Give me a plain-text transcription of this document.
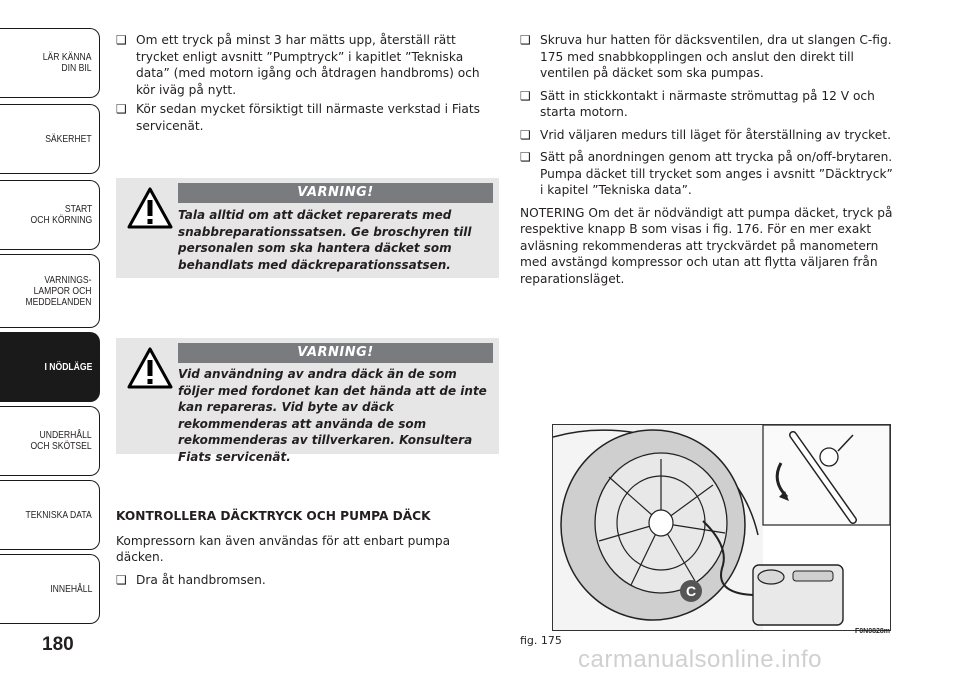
LÄR KÄNNA
DIN BIL
SÄKERHET
START
OCH KÖRNING
VARNINGS-
LAMPOR OCH
MEDDELANDEN
I NÖDLÄGE
UNDERHÅLL
OCH SKÖTSEL
TEKNISKA DATA
INNEHÅLL
180
❑ Om ett tryck på minst 3 har mätts upp, återställ rätt trycket enligt avsnitt ”Pumptryck” i kapitlet ”Tekniska data” (med motorn igång och åtdragen handbroms) och kör iväg på nytt.
❑ Kör sedan mycket försiktigt till närmaste verkstad i Fiats servicenät.
VARNING!
Tala alltid om att däcket reparerats med snabbreparationssatsen. Ge broschyren till personalen som ska hantera däcket som behandlats med däckreparationssatsen.
VARNING!
Vid användning av andra däck än de som följer med fordonet kan det hända att de inte kan repareras. Vid byte av däck rekommenderas att använda de som rekommenderas av tillverkaren. Konsultera Fiats servicenät.
KONTROLLERA DÄCKTRYCK OCH PUMPA DÄCK
Kompressorn kan även användas för att enbart pumpa däcken.
❑ Dra åt handbromsen.
❑ Skruva hur hatten för däcksventilen, dra ut slangen C-fig. 175 med snabbkopplingen och anslut den direkt till ventilen på däcket som ska pumpas.
❑ Sätt in stickkontakt i närmaste strömuttag på 12 V och starta motorn.
❑ Vrid väljaren medurs till läget för återställning av trycket.
❑ Sätt på anordningen genom att trycka på on/off-brytaren. Pumpa däcket till trycket som anges i avsnitt ”Däcktryck” i kapitel ”Tekniska data”.
NOTERING Om det är nödvändigt att pumpa däcket, tryck på respektive knapp B som visas i fig. 176. För en mer exakt avläsning rekommenderas att tryckvärdet på manometern med avstängd kompressor och utan att flytta väljaren från reparationsläget.
C
fig. 175
F0N0828m
carmanualsonline.info
